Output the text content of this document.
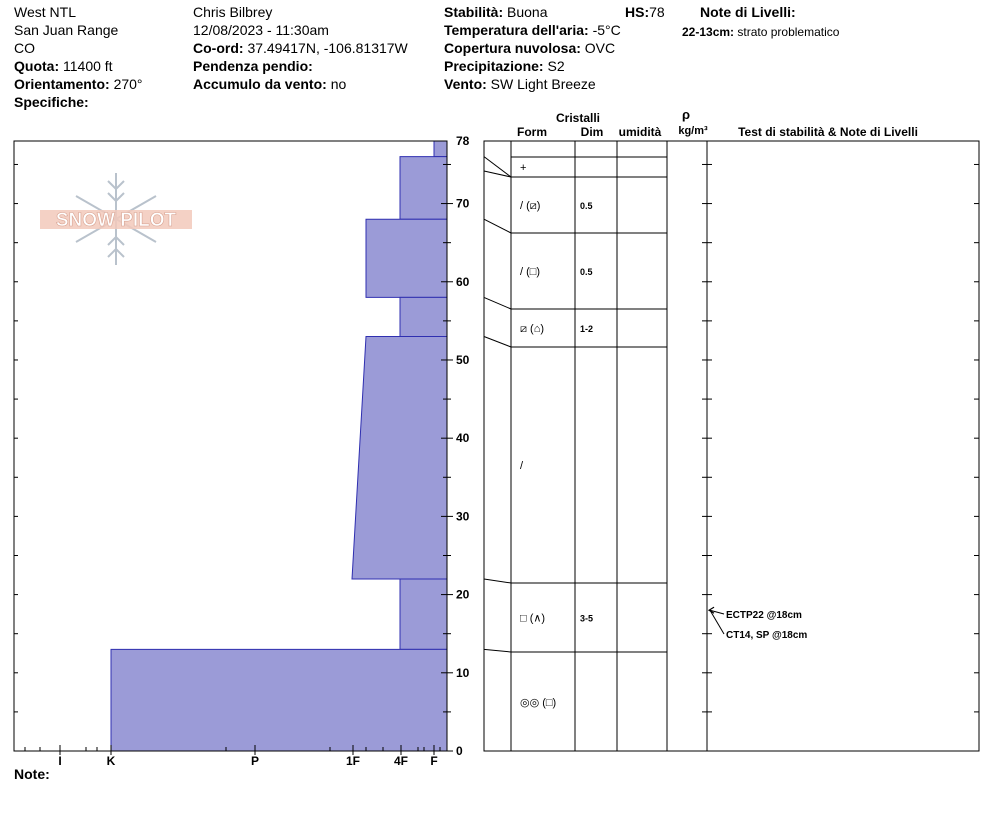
West NTL
San Juan Range
CO
Quota: 11400 ft
Orientamento: 270°
Specifiche:
Chris Bilbrey
12/08/2023 - 11:30am
Co-ord: 37.49417N, -106.81317W
Pendenza pendio:
Accumulo da vento: no
Stabilità: Buona	HS:78
Temperatura dell'aria: -5°C
Copertura nuvolosa: OVC
Precipitazione: S2
Vento: SW Light Breeze
Note di Livelli:
22-13cm: strato problematico
Note:
SNOW PILOT
0
10
20
30
40
50
60
70
78
I	K	P	1F	4F F
Cristalli
Form	Dim umidità
ρ
kg/m³	Test di stabilità & Note di Livelli
+
/ (⧄)	0.5
/ (□)	0.5
⧄ (⌂)	1-2
/
□ (∧)	3-5
◎◎ (□)
ECTP22 @18cm
CT14, SP @18cm
